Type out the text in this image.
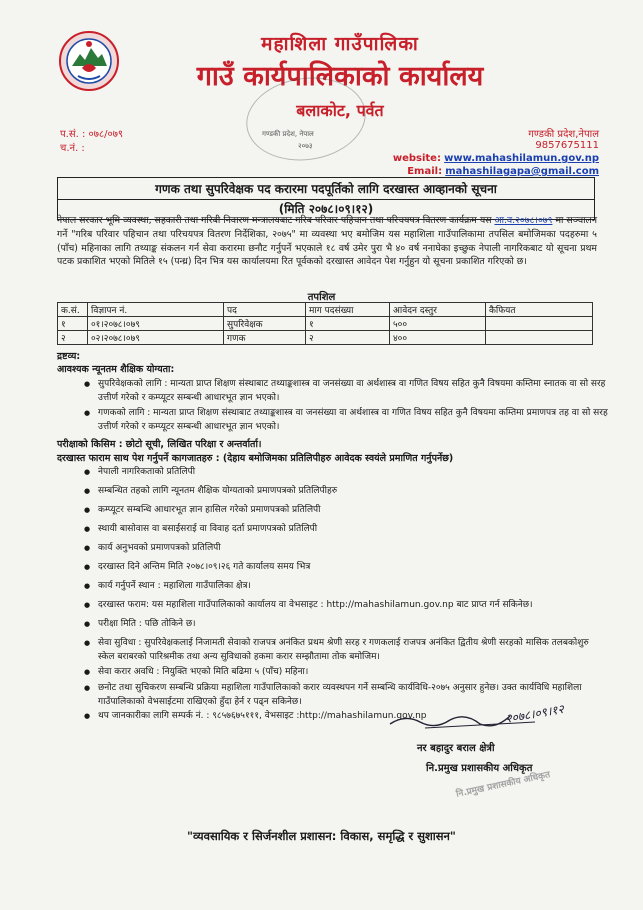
महाशिला गाउँपालिका
गाउँ कार्यपालिकाको कार्यालय
बलाकोट, पर्वत
गण्डकी प्रदेश, नेपाल
२०७३
प.सं. : ०७८/०७९
च.नं. :
गण्डकी प्रदेश,नेपाल
9857675111
website: www.mahashilamun.gov.np
Email: mahashilagapa@gmail.com
गणक तथा सुपरिवेक्षक पद करारमा पदपूर्तिको लागि दरखास्त आव्हानको सूचना
(मिति २०७८।०९।१२)
नेपाल सरकार भूमि व्यवस्था, सहकारी तथा गरिबी निवारण मन्त्रालयबाट गरिब परिवार पहिचान तथा परिचयपत्र वितरण कार्यक्रम यस आ.व.२०७८।०७९ मा सञ्चालन गर्ने "गरिब परिवार पहिचान तथा परिचयपत्र वितरण निर्देशिका, २०७५" मा व्यवस्था भए बमोजिम यस महाशिला गाउँपालिकामा तपसिल बमोजिमका पदहरुमा ५ (पाँच) महिनाका लागि तथ्याङ्क संकलन गर्न सेवा करारमा छनौट गर्नुपर्ने भएकाले १८ वर्ष उमेर पुरा भै ४० वर्ष ननाघेका इच्छुक नेपाली नागरिकबाट यो सूचना प्रथम पटक प्रकाशित भएको मितिले १५ (पन्ध्र) दिन भित्र यस कार्यालयमा रित पूर्वकको दरखास्त आवेदन पेश गर्नुहुन यो सूचना प्रकाशित गरिएको छ।
तपशिल
क.सं.	विज्ञापन नं.	पद	माग पदसंख्या	आवेदन दस्तुर	कैफियत
१	०१।२०७८।०७९	सुपरिवेक्षक	१	५००	
२	०२।२०७८।०७९	गणक	२	४००	
द्रष्टव्य:
आवश्यक न्यूनतम शैक्षिक योग्यता:
● सुपरिवेक्षकको लागि : मान्यता प्राप्त शिक्षण संस्थाबाट तथ्याङ्कशास्त्र वा जनसंख्या वा अर्थशास्त्र वा गणित विषय सहित कुनै विषयमा कम्तिमा स्नातक वा सो सरह उत्तीर्ण गरेको र कम्प्यूटर सम्बन्धी आधारभूत ज्ञान भएको।
● गणकको लागि : मान्यता प्राप्त शिक्षण संस्थाबाट तथ्याङ्कशास्त्र वा जनसंख्या वा अर्थशास्त्र वा गणित विषय सहित कुनै विषयमा कम्तिमा प्रमाणपत्र तह वा सो सरह उत्तीर्ण गरेको र कम्प्यूटर सम्बन्धी आधारभूत ज्ञान भएको।
परीक्षाको किसिम : छोटो सूची, लिखित परिक्षा र अन्तर्वार्ता।
दरखास्त फाराम साथ पेश गर्नुपर्ने कागजातहरु : (देहाय बमोजिमका प्रतिलिपीहरु आवेदक स्वयंले प्रमाणित गर्नुपर्नेछ)
● नेपाली नागरिकताको प्रतिलिपी
● सम्बन्धित तहको लागि न्यूनतम शैक्षिक योग्यताको प्रमाणपत्रको प्रतिलिपीहरु
● कम्प्यूटर सम्बन्धि आधारभूत ज्ञान हासिल गरेको प्रमाणपत्रको प्रतिलिपी
● स्थायी बासोवास वा बसाईसराई वा विवाह दर्ता प्रमाणपत्रको प्रतिलिपी
● कार्य अनुभवको प्रमाणपत्रको प्रतिलिपी
● दरखास्त दिने अन्तिम मिति २०७८।०९।२६ गते कार्यालय समय भित्र
● कार्य गर्नुपर्ने स्थान : महाशिला गाउँपालिका क्षेत्र।
● दरखास्त फराम: यस महाशिला गाउँपालिकाको कार्यालय वा वेभसाइट : http://mahashilamun.gov.np बाट प्राप्त गर्न सकिनेछ।
● परीक्षा मिति : पछि तोकिने छ।
● सेवा सुविधा : सुपरिवेक्षकलाई निजामती सेवाको राजपत्र अनंकित प्रथम श्रेणी सरह र गणकलाई राजपत्र अनंकित द्वितीय श्रेणी सरहको मासिक तलबकोशुरु स्केल बराबरको पारिश्रमीक तथा अन्य सुविधाको हकमा करार सम्झौतामा तोक बमोजिम।
● सेवा करार अवधि : नियुक्ति भएको मिति बढिमा ५ (पाँच) महिना।
● छनोट तथा सुचिकरण सम्बन्धि प्रक्रिया महाशिला गाउँपालिकाको करार व्यवस्थपन गर्ने सम्बन्धि कार्यविधि-२०७५ अनुसार हुनेछ। उक्त कार्यविधि महाशिला गाउँपालिकाको वेभसाईटमा राखिएको हुँदा हेर्न र पढ्न सकिनेछ।
● थप जानकारीका लागि सम्पर्क नं. : ९८५७६७५१११, वेभसाइट :http://mahashilamun.gov.np	२०७८।०९।१२
नर बहादुर बराल क्षेत्री
नि.प्रमुख प्रशासकीय अधिकृत
नि.प्रमुख प्रशासकीय अधिकृत
"व्यवसायिक र सिर्जनशील प्रशासन: विकास, समृद्धि र सुशासन"
